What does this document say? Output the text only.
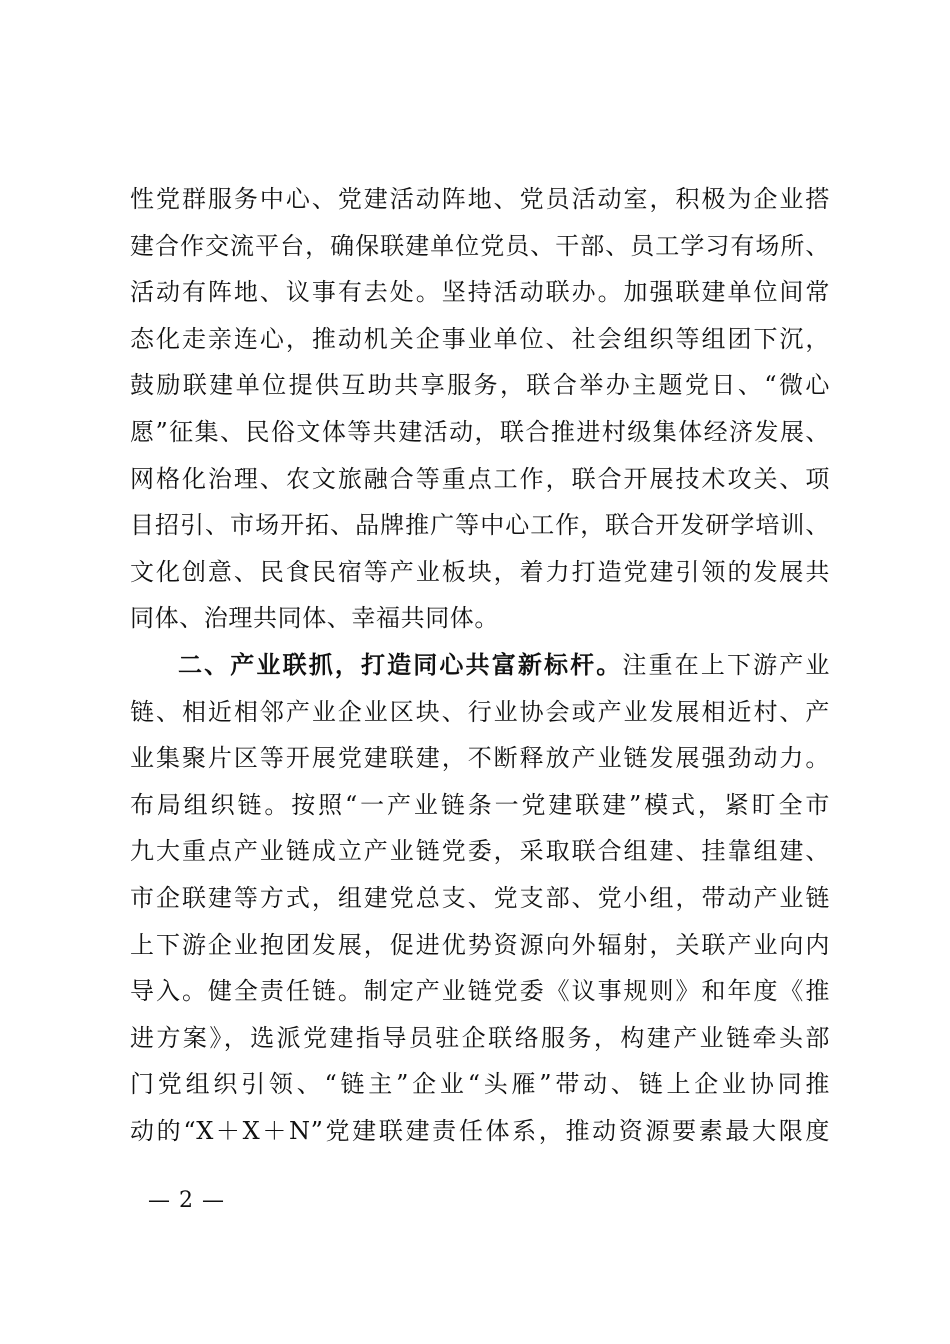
性党群服务中心、党建活动阵地、党员活动室，积极为企业搭
建合作交流平台，确保联建单位党员、干部、员工学习有场所、
活动有阵地、议事有去处。坚持活动联办。加强联建单位间常
态化走亲连心，推动机关企事业单位、社会组织等组团下沉，
鼓励联建单位提供互助共享服务，联合举办主题党日、“微心
愿”征集、民俗文体等共建活动，联合推进村级集体经济发展、
网格化治理、农文旅融合等重点工作，联合开展技术攻关、项
目招引、市场开拓、品牌推广等中心工作，联合开发研学培训、
文化创意、民食民宿等产业板块，着力打造党建引领的发展共
同体、治理共同体、幸福共同体。
二、产业联抓，打造同心共富新标杆。注重在上下游产业
链、相近相邻产业企业区块、行业协会或产业发展相近村、产
业集聚片区等开展党建联建，不断释放产业链发展强劲动力。
布局组织链。按照“一产业链条一党建联建”模式，紧盯全市
九大重点产业链成立产业链党委，采取联合组建、挂靠组建、
市企联建等方式，组建党总支、党支部、党小组，带动产业链
上下游企业抱团发展，促进优势资源向外辐射，关联产业向内
导入。健全责任链。制定产业链党委《议事规则》和年度《推
进方案》，选派党建指导员驻企联络服务，构建产业链牵头部
门党组织引领、“链主”企业“头雁”带动、链上企业协同推
动的“X＋X＋N”党建联建责任体系，推动资源要素最大限度
— 2 —
